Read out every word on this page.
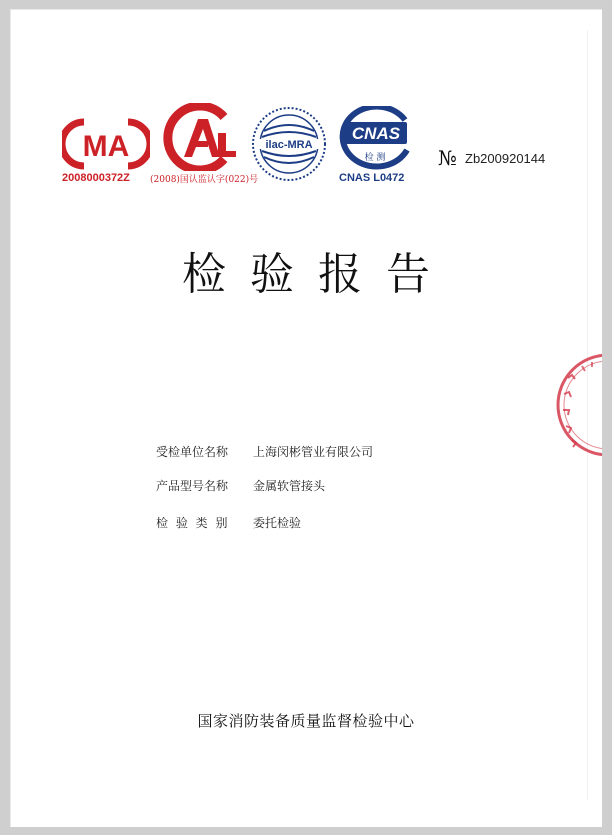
MA
2008000372Z (2008)国认监认字(022)号
ilac-MRA
CNAS
检 测
CNAS L0472
№ Zb200920144
检验报告
受检单位名称 上海闵彬管业有限公司
产品型号名称 金属软管接头
检 验 类 别 委托检验
国家消防装备质量监督检验中心
